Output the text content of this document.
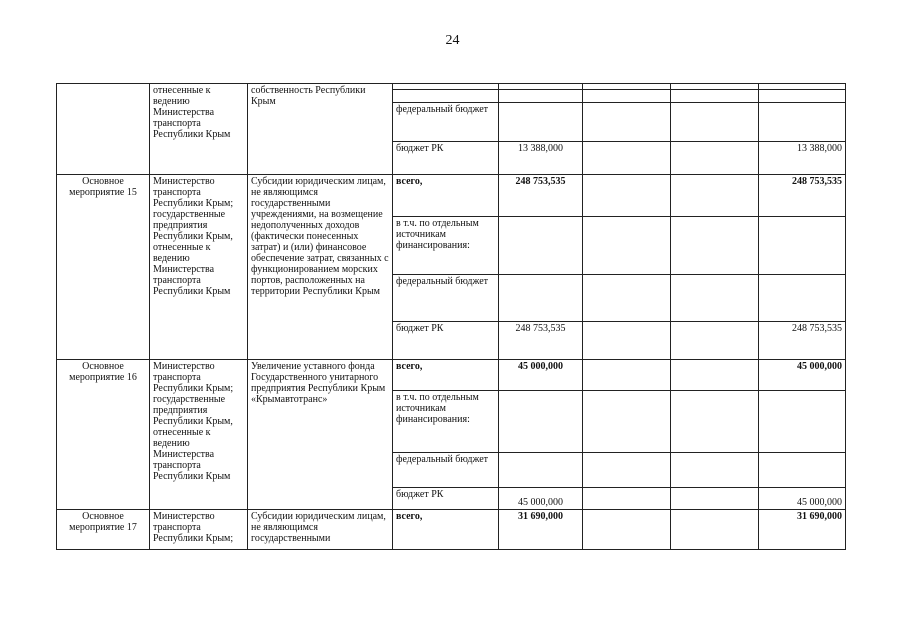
24
	отнесенные к ведению Министерства транспорта Республики Крым	собственность Республики Крым					

			федеральный бюджет				
			бюджет РК	13 388,000			13 388,000
Основное мероприятие 15	Министерство транспорта Республики Крым; государственные предприятия Республики Крым, отнесенные к ведению Министерства транспорта Республики Крым	Субсидии юридическим лицам, не являющимся государственными учреждениями, на возмещение недополученных доходов (фактически понесенных затрат) и (или) финансовое обеспечение затрат, связанных с функционированием морских портов, расположенных на территории Республики Крым	всего,	248 753,535			248 753,535
			в т.ч. по отдельным источникам финансирования:				
			федеральный бюджет				
			бюджет РК	248 753,535			248 753,535
Основное мероприятие 16	Министерство транспорта Республики Крым; государственные предприятия Республики Крым, отнесенные к ведению Министерства транспорта Республики Крым	Увеличение уставного фонда Государственного унитарного предприятия Республики Крым «Крымавтотранс»	всего,	45 000,000			45 000,000
			в т.ч. по отдельным источникам финансирования:				
			федеральный бюджет				
			бюджет РК	45 000,000			45 000,000
Основное мероприятие 17	Министерство транспорта Республики Крым;	Субсидии юридическим лицам, не являющимся государственными	всего,	31 690,000			31 690,000
